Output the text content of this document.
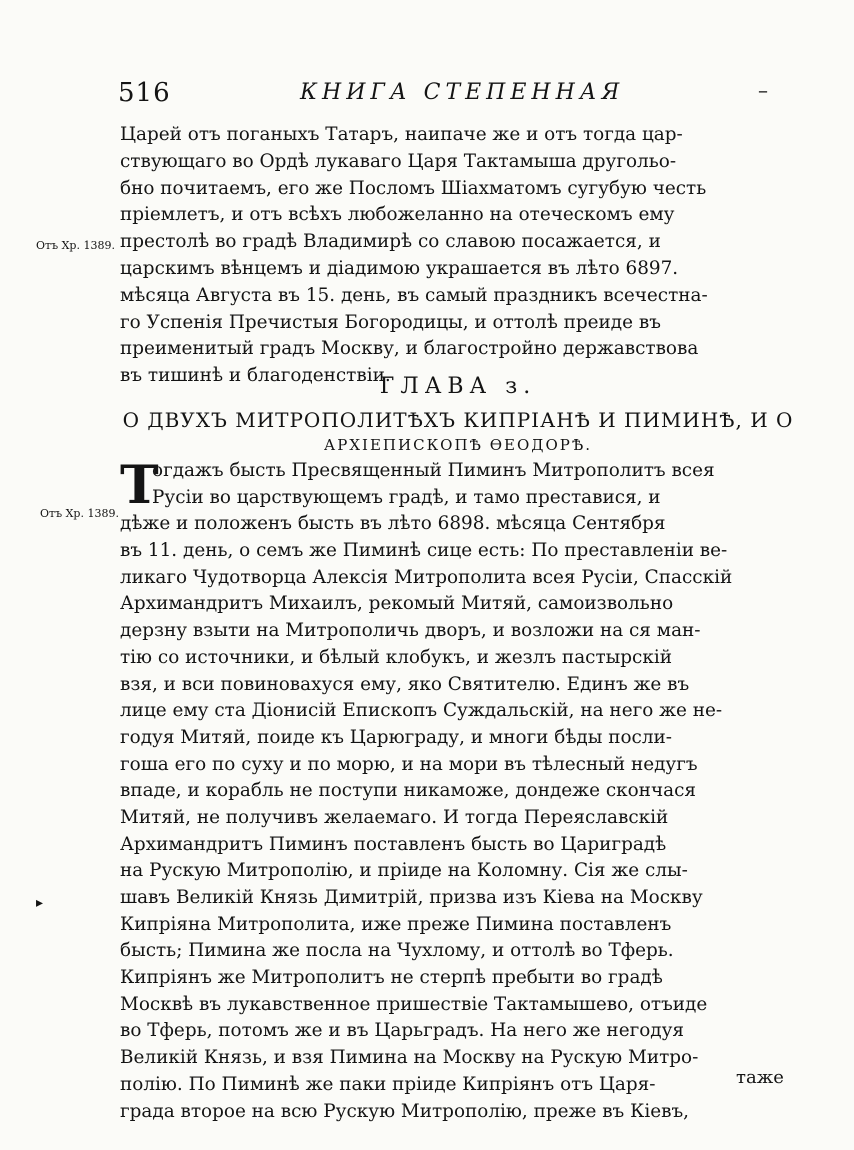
516	КНИГА СТЕПЕННАЯ	–
Отъ Хр. 1389.
Отъ Хр. 1389.
▸
Царей отъ поганыхъ Татаръ, наипаче же и отъ тогда цар-
ствующаго во Ордѣ лукаваго Царя Тактамыша другольо-
бно почитаемъ, его же Посломъ Шiахматомъ сугубую честь
прiемлетъ, и отъ всѣхъ любожеланно на отеческомъ ему
престолѣ во градѣ Владимирѣ со славою посажается, и
царскимъ вѣнцемъ и дiадимою украшается въ лѣто 6897.
мѣсяца Августа въ 15. день, въ самый праздникъ всечестна-
го Успенiя Пречистыя Богородицы, и оттолѣ преиде въ
преименитый градъ Москву, и благостройно державствова
въ тишинѣ и благоденствiи.
ГЛАВА з.
О ДВУХЪ МИТРОПОЛИТѢХЪ КИПРIАНѢ И ПИМИНѢ, И О
АРХIЕПИСКОПѢ ѲЕОДОРѢ.
Т
огдажъ бысть Пресвященный Пиминъ Митрополитъ всея
Русiи во царствующемъ градѣ, и тамо преставися, и
дѣже и положенъ бысть въ лѣто 6898. мѣсяца Сентября
въ 11. день, о семъ же Пиминѣ сице есть: По преставленiи ве-
ликаго Чудотворца Алексiя Митрополита всея Русiи, Спасскiй
Архимандритъ Михаилъ, рекомый Митяй, самоизвольно
дерзну взыти на Митрополичь дворъ, и возложи на ся ман-
тiю со источники, и бѣлый клобукъ, и жезлъ пастырскiй
взя, и вси повиновахуся ему, яко Святителю. Единъ же въ
лице ему ста Дiонисiй Епископъ Суждальскiй, на него же не-
годуя Митяй, поиде къ Царюграду, и многи бѣды посли-
гоша его по суху и по морю, и на мори въ тѣлесный недугъ
впаде, и корабль не поступи никаможе, дондеже скончася
Митяй, не получивъ желаемаго. И тогда Переяславскiй
Архимандритъ Пиминъ поставленъ бысть во Цариградѣ
на Рускую Митрополiю, и прiиде на Коломну. Сiя же слы-
шавъ Великiй Князь Димитрiй, призва изъ Кiева на Москву
Кипрiяна Митрополита, иже преже Пимина поставленъ
бысть; Пимина же посла на Чухлому, и оттолѣ во Тферь.
Кипрiянъ же Митрополитъ не стерпѣ пребыти во градѣ
Москвѣ въ лукавственное пришествiе Тактамышево, отъиде
во Тферь, потомъ же и въ Царьградъ. На него же негодуя
Великiй Князь, и взя Пимина на Москву на Рускую Митро-
полiю. По Пиминѣ же паки прiиде Кипрiянъ отъ Царя-
града второе на всю Рускую Митрополiю, преже въ Кiевъ,
таже
